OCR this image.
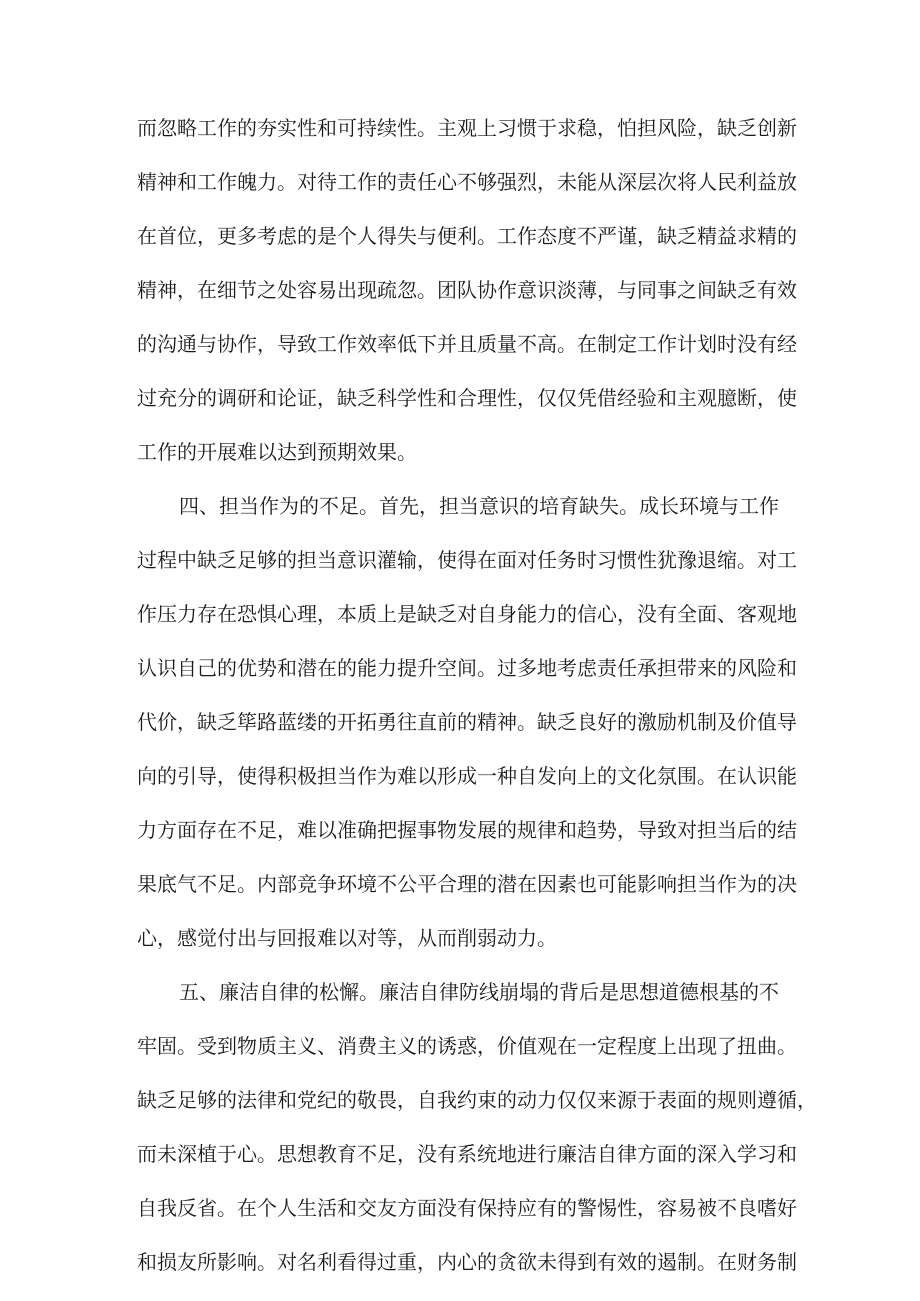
而忽略工作的夯实性和可持续性。主观上习惯于求稳，怕担风险，缺乏创新
精神和工作魄力。对待工作的责任心不够强烈，未能从深层次将人民利益放
在首位，更多考虑的是个人得失与便利。工作态度不严谨，缺乏精益求精的
精神，在细节之处容易出现疏忽。团队协作意识淡薄，与同事之间缺乏有效
的沟通与协作，导致工作效率低下并且质量不高。在制定工作计划时没有经
过充分的调研和论证，缺乏科学性和合理性，仅仅凭借经验和主观臆断，使
工作的开展难以达到预期效果。
四、担当作为的不足。首先，担当意识的培育缺失。成长环境与工作
过程中缺乏足够的担当意识灌输，使得在面对任务时习惯性犹豫退缩。对工
作压力存在恐惧心理，本质上是缺乏对自身能力的信心，没有全面、客观地
认识自己的优势和潜在的能力提升空间。过多地考虑责任承担带来的风险和
代价，缺乏筚路蓝缕的开拓勇往直前的精神。缺乏良好的激励机制及价值导
向的引导，使得积极担当作为难以形成一种自发向上的文化氛围。在认识能
力方面存在不足，难以准确把握事物发展的规律和趋势，导致对担当后的结
果底气不足。内部竞争环境不公平合理的潜在因素也可能影响担当作为的决
心，感觉付出与回报难以对等，从而削弱动力。
五、廉洁自律的松懈。廉洁自律防线崩塌的背后是思想道德根基的不
牢固。受到物质主义、消费主义的诱惑，价值观在一定程度上出现了扭曲。
缺乏足够的法律和党纪的敬畏，自我约束的动力仅仅来源于表面的规则遵循，
而未深植于心。思想教育不足，没有系统地进行廉洁自律方面的深入学习和
自我反省。在个人生活和交友方面没有保持应有的警惕性，容易被不良嗜好
和损友所影响。对名利看得过重，内心的贪欲未得到有效的遏制。在财务制
